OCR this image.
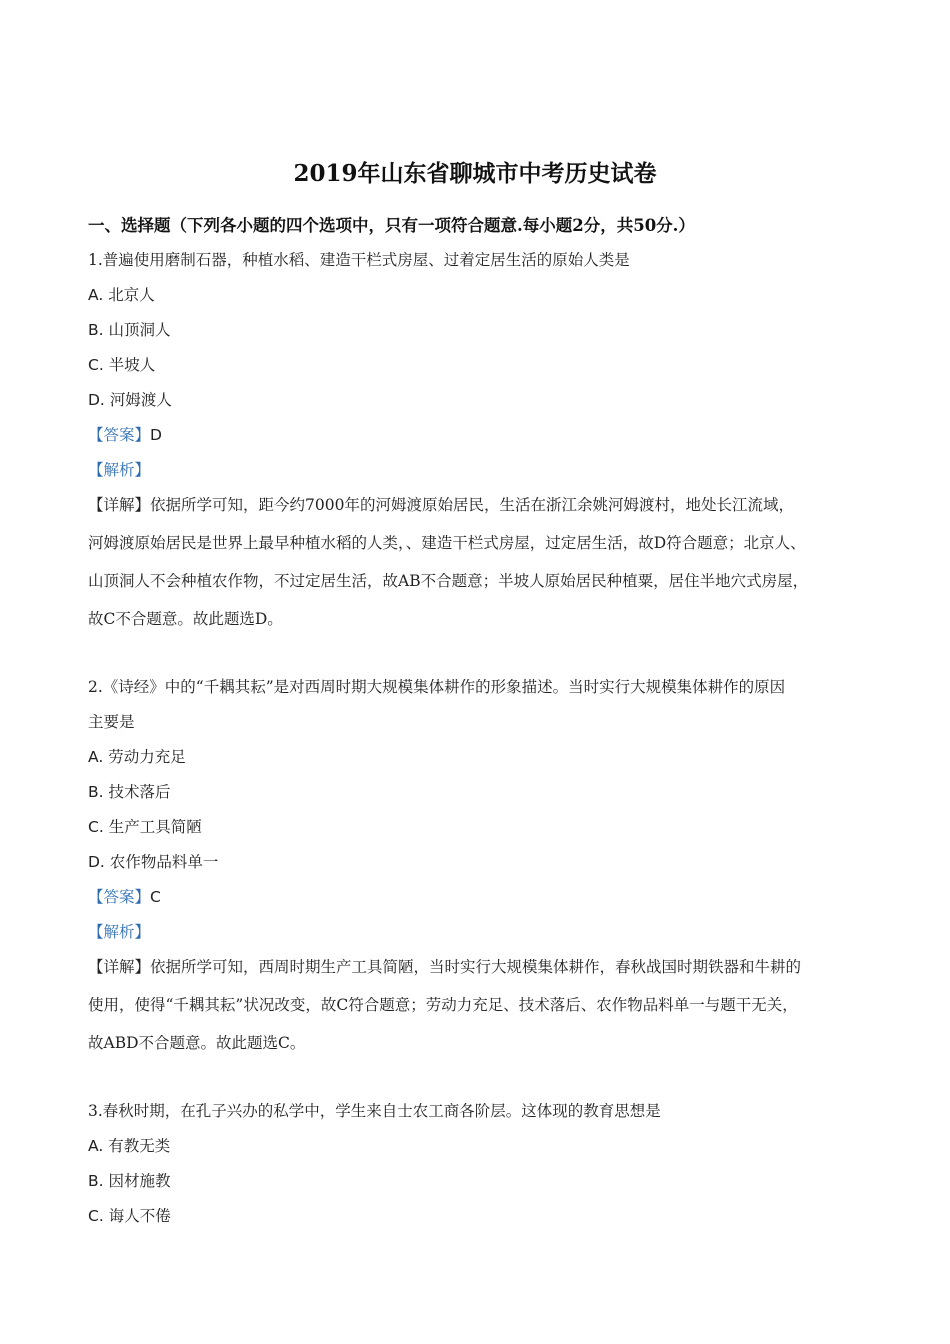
2019年山东省聊城市中考历史试卷
一、选择题（下列各小题的四个选项中，只有一项符合题意.每小题2分，共50分.）
1.普遍使用磨制石器，种植水稻、建造干栏式房屋、过着定居生活的原始人类是
A. 北京人
B. 山顶洞人
C. 半坡人
D. 河姆渡人
【答案】D
【解析】
【详解】依据所学可知，距今约7000年的河姆渡原始居民，生活在浙江余姚河姆渡村，地处长江流域，
河姆渡原始居民是世界上最早种植水稻的人类，、建造干栏式房屋，过定居生活，故D符合题意；北京人、
山顶洞人不会种植农作物，不过定居生活，故AB不合题意；半坡人原始居民种植粟，居住半地穴式房屋，
故C不合题意。故此题选D。
2.《诗经》中的“千耦其耘”是对西周时期大规模集体耕作的形象描述。当时实行大规模集体耕作的原因
主要是
A. 劳动力充足
B. 技术落后
C. 生产工具简陋
D. 农作物品料单一
【答案】C
【解析】
【详解】依据所学可知，西周时期生产工具简陋，当时实行大规模集体耕作，春秋战国时期铁器和牛耕的
使用，使得“千耦其耘”状况改变，故C符合题意；劳动力充足、技术落后、农作物品料单一与题干无关，
故ABD不合题意。故此题选C。
3.春秋时期，在孔子兴办的私学中，学生来自士农工商各阶层。这体现的教育思想是
A. 有教无类
B. 因材施教
C. 诲人不倦
